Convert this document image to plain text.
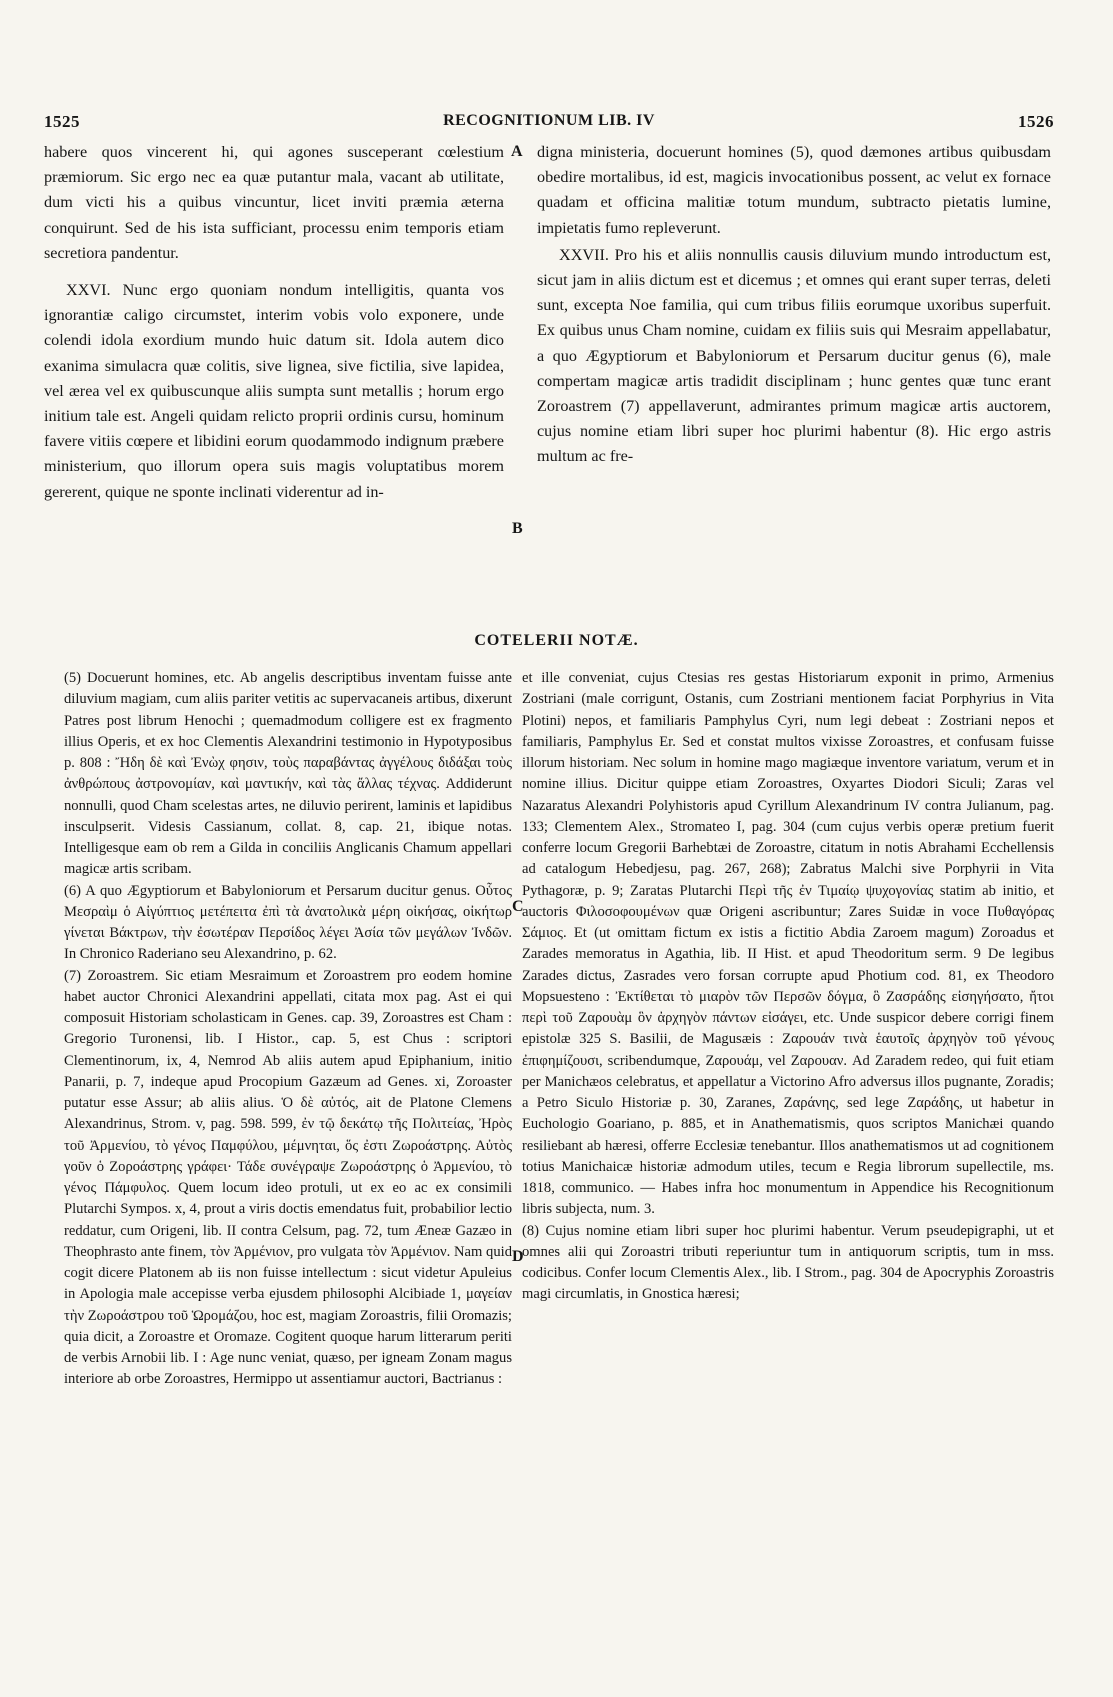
1525	RECOGNITIONUM LIB. IV	1526

habere quos vincerent hi, qui agones susceperant cœlestium præmiorum. Sic ergo nec ea quæ putantur mala, vacant ab utilitate, dum victi his a quibus vincuntur, licet inviti præmia æterna conquirunt. Sed de his ista sufficiant, processu enim temporis etiam secretiora pandentur.

XXVI. Nunc ergo quoniam nondum intelligitis, quanta vos ignorantiæ caligo circumstet, interim vobis volo exponere, unde colendi idola exordium mundo huic datum sit. Idola autem dico exanima simulacra quæ colitis, sive lignea, sive fictilia, sive lapidea, vel ærea vel ex quibuscunque aliis sumpta sunt metallis ; horum ergo initium tale est. Angeli quidam relicto proprii ordinis cursu, hominum favere vitiis cœpere et libidini eorum quodammodo indignum præbere ministerium, quo illorum opera suis magis voluptatibus morem gererent, quique ne sponte inclinati viderentur ad in-

digna ministeria, docuerunt homines (5), quod dæmones artibus quibusdam obedire mortalibus, id est, magicis invocationibus possent, ac velut ex fornace quadam et officina malitiæ totum mundum, subtracto pietatis lumine, impietatis fumo repleverunt.

XXVII. Pro his et aliis nonnullis causis diluvium mundo introductum est, sicut jam in aliis dictum est et dicemus ; et omnes qui erant super terras, deleti sunt, excepta Noe familia, qui cum tribus filiis eorumque uxoribus superfuit. Ex quibus unus Cham nomine, cuidam ex filiis suis qui Mesraim appellabatur, a quo Ægyptiorum et Babyloniorum et Persarum ducitur genus (6), male compertam magicæ artis tradidit disciplinam ; hunc gentes quæ tunc erant Zoroastrem (7) appellaverunt, admirantes primum magicæ artis auctorem, cujus nomine etiam libri super hoc plurimi habentur (8). Hic ergo astris multum ac fre-

A
B
C
D
COTELERII NOTÆ.

(5) Docuerunt homines, etc. Ab angelis descriptibus inventam fuisse ante diluvium magiam, cum aliis pariter vetitis ac supervacaneis artibus, dixerunt Patres post librum Henochi ; quemadmodum colligere est ex fragmento illius Operis, et ex hoc Clementis Alexandrini testimonio in Hypotyposibus p. 808 : Ἤδη δὲ καὶ Ἐνὼχ φησιν, τοὺς παραβάντας ἀγγέλους διδάξαι τοὺς ἀνθρώπους ἀστρονομίαν, καὶ μαντικήν, καὶ τὰς ἄλλας τέχνας. Addiderunt nonnulli, quod Cham scelestas artes, ne diluvio perirent, laminis et lapidibus insculpserit. Videsis Cassianum, collat. 8, cap. 21, ibique notas. Intelligesque eam ob rem a Gilda in conciliis Anglicanis Chamum appellari magicæ artis scribam.

(6) A quo Ægyptiorum et Babyloniorum et Persarum ducitur genus. Οὗτος Μεσραὶμ ὁ Αἰγύπτιος μετέπειτα ἐπὶ τὰ ἀνατολικὰ μέρη οἰκήσας, οἰκήτωρ γίνεται Βάκτρων, τὴν ἐσωτέραν Περσίδος λέγει Ἀσία τῶν μεγάλων Ἰνδῶν. In Chronico Raderiano seu Alexandrino, p. 62.

(7) Zoroastrem. Sic etiam Mesraimum et Zoroastrem pro eodem homine habet auctor Chronici Alexandrini appellati, citata mox pag. Ast ei qui composuit Historiam scholasticam in Genes. cap. 39, Zoroastres est Cham : Gregorio Turonensi, lib. I Histor., cap. 5, est Chus : scriptori Clementinorum, ix, 4, Nemrod Ab aliis autem apud Epiphanium, initio Panarii, p. 7, indeque apud Procopium Gazæum ad Genes. xi, Zoroaster putatur esse Assur; ab aliis alius. Ὁ δὲ αὐτός, ait de Platone Clemens Alexandrinus, Strom. v, pag. 598. 599, ἐν τῷ δεκάτῳ τῆς Πολιτείας, Ἠρὸς τοῦ Ἀρμενίου, τὸ γένος Παμφύλου, μέμνηται, ὅς ἐστι Ζωροάστρης. Αὐτὸς γοῦν ὁ Ζοροάστρης γράφει· Τάδε συνέγραψε Ζωροάστρης ὁ Ἀρμενίου, τὸ γένος Πάμφυλος. Quem locum ideo protuli, ut ex eo ac ex consimili Plutarchi Sympos. x, 4, prout a viris doctis emendatus fuit, probabilior lectio reddatur, cum Origeni, lib. II contra Celsum, pag. 72, tum Æneæ Gazæo in Theophrasto ante finem, τὸν Ἀρμένιον, pro vulgata τὸν Ἀρμένιον. Nam quid cogit dicere Platonem ab iis non fuisse intellectum : sicut videtur Apuleius in Apologia male accepisse verba ejusdem philosophi Alcibiade 1, μαγείαν τὴν Ζωροάστρου τοῦ Ὡρομάζου, hoc est, magiam Zoroastris, filii Oromazis; quia dicit, a Zoroastre et Oromaze. Cogitent quoque harum litterarum periti de verbis Arnobii lib. I : Age nunc veniat, quæso, per igneam Zonam magus interiore ab orbe Zoroastres, Hermippo ut assentiamur auctori, Bactrianus :

et ille conveniat, cujus Ctesias res gestas Historiarum exponit in primo, Armenius Zostriani (male corrigunt, Ostanis, cum Zostriani mentionem faciat Porphyrius in Vita Plotini) nepos, et familiaris Pamphylus Cyri, num legi debeat : Zostriani nepos et familiaris, Pamphylus Er. Sed et constat multos vixisse Zoroastres, et confusam fuisse illorum historiam. Nec solum in homine mago magiæque inventore variatum, verum et in nomine illius. Dicitur quippe etiam Zoroastres, Oxyartes Diodori Siculi; Zaras vel Nazaratus Alexandri Polyhistoris apud Cyrillum Alexandrinum IV contra Julianum, pag. 133; Clementem Alex., Stromateo I, pag. 304 (cum cujus verbis operæ pretium fuerit conferre locum Gregorii Barhebtæi de Zoroastre, citatum in notis Abrahami Ecchellensis ad catalogum Hebedjesu, pag. 267, 268); Zabratus Malchi sive Porphyrii in Vita Pythagoræ, p. 9; Zaratas Plutarchi Περὶ τῆς ἐν Τιμαίῳ ψυχογονίας statim ab initio, et auctoris Φιλοσοφουμένων quæ Origeni ascribuntur; Zares Suidæ in voce Πυθαγόρας Σάμιος. Et (ut omittam fictum ex istis a fictitio Abdia Zaroem magum) Zoroadus et Zarades memoratus in Agathia, lib. II Hist. et apud Theodoritum serm. 9 De legibus Zarades dictus, Zasrades vero forsan corrupte apud Photium cod. 81, ex Theodoro Mopsuesteno : Ἐκτίθεται τὸ μιαρὸν τῶν Περσῶν δόγμα, ὃ Ζασράδης εἰσηγήσατο, ἤτοι περὶ τοῦ Ζαρουὰμ ὃν ἀρχηγὸν πάντων εἰσάγει, etc. Unde suspicor debere corrigi finem epistolæ 325 S. Basilii, de Magusæis : Ζαρουάν τινὰ ἑαυτοῖς ἀρχηγὸν τοῦ γένους ἐπιφημίζουσι, scribendumque, Ζαρουάμ, vel Ζαρουαν. Ad Zaradem redeo, qui fuit etiam per Manichæos celebratus, et appellatur a Victorino Afro adversus illos pugnante, Zoradis; a Petro Siculo Historiæ p. 30, Zaranes, Ζαράνης, sed lege Ζαράδης, ut habetur in Euchologio Goariano, p. 885, et in Anathematismis, quos scriptos Manichæi quando resiliebant ab hæresi, offerre Ecclesiæ tenebantur. Illos anathematismos ut ad cognitionem totius Manichaicæ historiæ admodum utiles, tecum e Regia librorum supellectile, ms. 1818, communico. — Habes infra hoc monumentum in Appendice his Recognitionum libris subjecta, num. 3.

(8) Cujus nomine etiam libri super hoc plurimi habentur. Verum pseudepigraphi, ut et omnes alii qui Zoroastri tributi reperiuntur tum in antiquorum scriptis, tum in mss. codicibus. Confer locum Clementis Alex., lib. I Strom., pag. 304 de Apocryphis Zoroastris magi circumlatis, in Gnostica hæresi;
